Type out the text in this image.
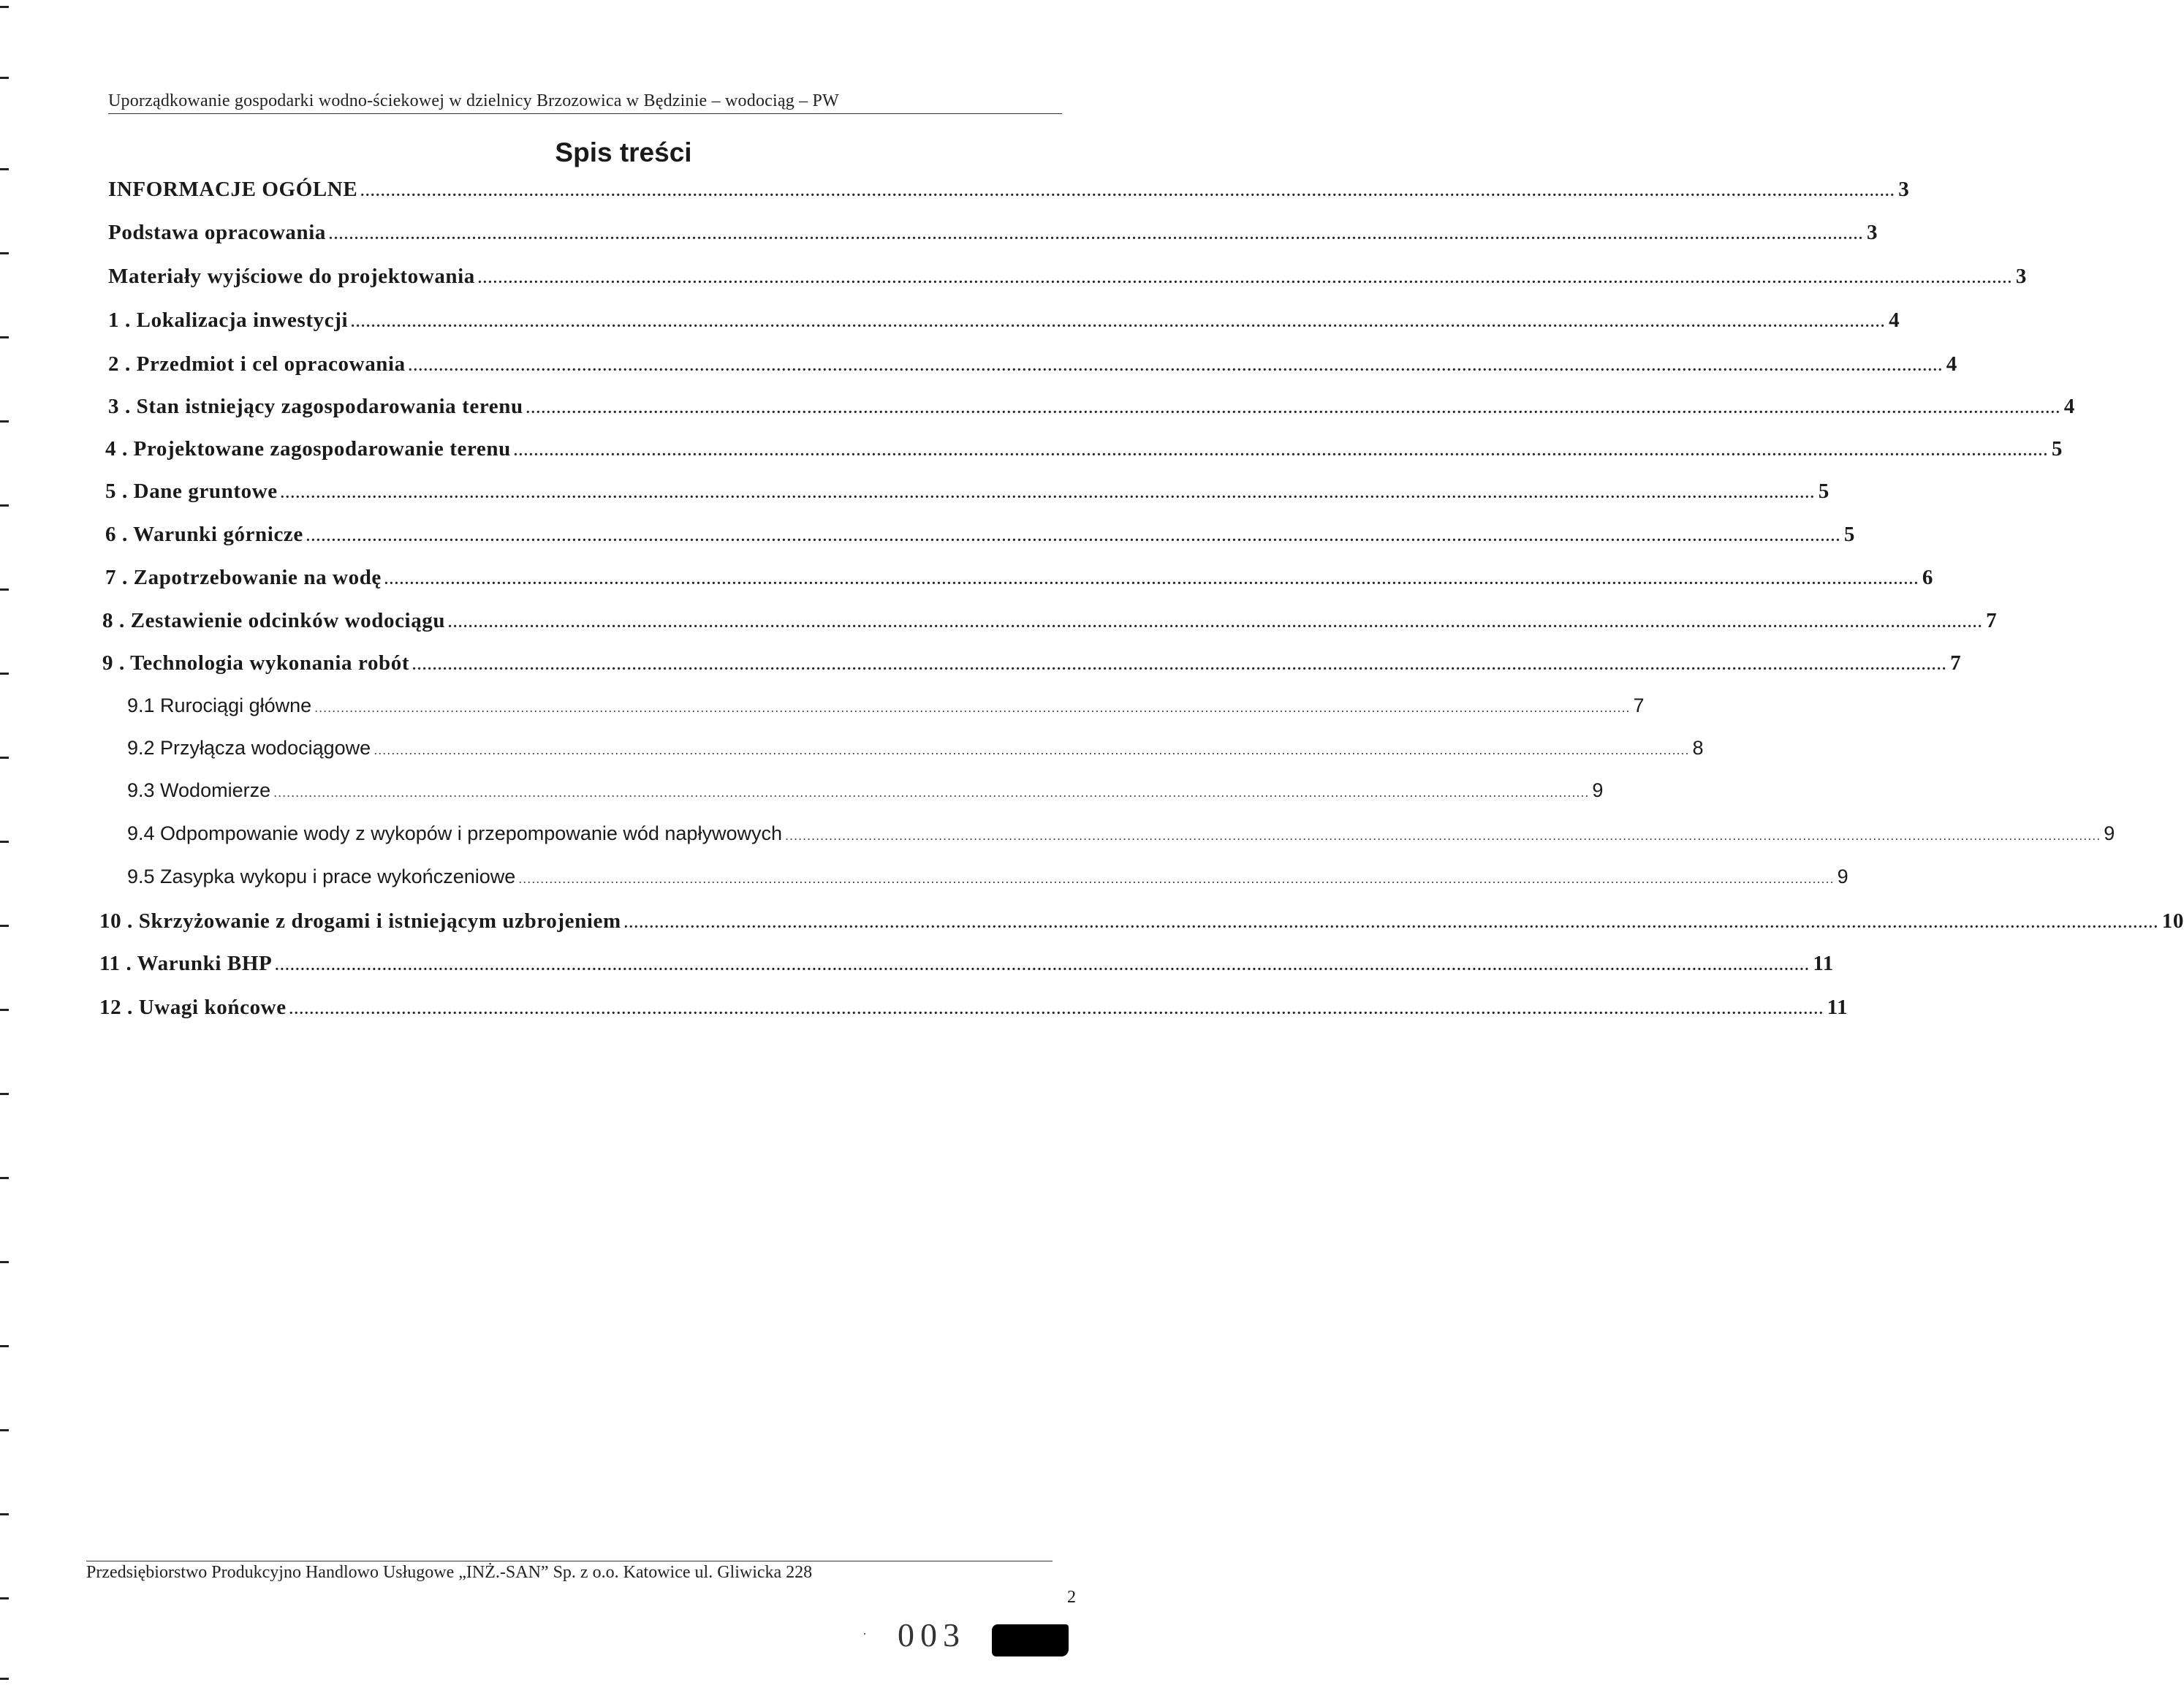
Uporządkowanie gospodarki wodno-ściekowej w dzielnicy Brzozowica w Będzinie – wodociąg – PW
Spis treści
INFORMACJE OGÓLNE ............................................................................................................................................................................................................................................................................................................ 3
Podstawa opracowania ............................................................................................................................................................................................................................................................................................................ 3
Materiały wyjściowe do projektowania ............................................................................................................................................................................................................................................................................................................ 3
1 . Lokalizacja inwestycji ............................................................................................................................................................................................................................................................................................................ 4
2 . Przedmiot i cel opracowania ............................................................................................................................................................................................................................................................................................................ 4
3 . Stan istniejący zagospodarowania terenu ............................................................................................................................................................................................................................................................................................................ 4
4 . Projektowane zagospodarowanie terenu ............................................................................................................................................................................................................................................................................................................ 5
5 . Dane gruntowe ............................................................................................................................................................................................................................................................................................................ 5
6 . Warunki górnicze ............................................................................................................................................................................................................................................................................................................ 5
7 . Zapotrzebowanie na wodę ............................................................................................................................................................................................................................................................................................................ 6
8 . Zestawienie odcinków wodociągu ............................................................................................................................................................................................................................................................................................................ 7
9 . Technologia wykonania robót ............................................................................................................................................................................................................................................................................................................ 7
9.1 Rurociągi główne ............................................................................................................................................................................................................................................................................................................ 7
9.2 Przyłącza wodociągowe ............................................................................................................................................................................................................................................................................................................ 8
9.3 Wodomierze ............................................................................................................................................................................................................................................................................................................ 9
9.4 Odpompowanie wody z wykopów i przepompowanie wód napływowych ............................................................................................................................................................................................................................................................................................................ 9
9.5 Zasypka wykopu i prace wykończeniowe ............................................................................................................................................................................................................................................................................................................ 9
10 . Skrzyżowanie z drogami i istniejącym uzbrojeniem ............................................................................................................................................................................................................................................................................................................ 10
11 . Warunki BHP ............................................................................................................................................................................................................................................................................................................ 11
12 . Uwagi końcowe ............................................................................................................................................................................................................................................................................................................ 11
Przedsiębiorstwo Produkcyjno Handlowo Usługowe „INŻ.-SAN” Sp. z o.o. Katowice ul. Gliwicka 228
2
· 003
